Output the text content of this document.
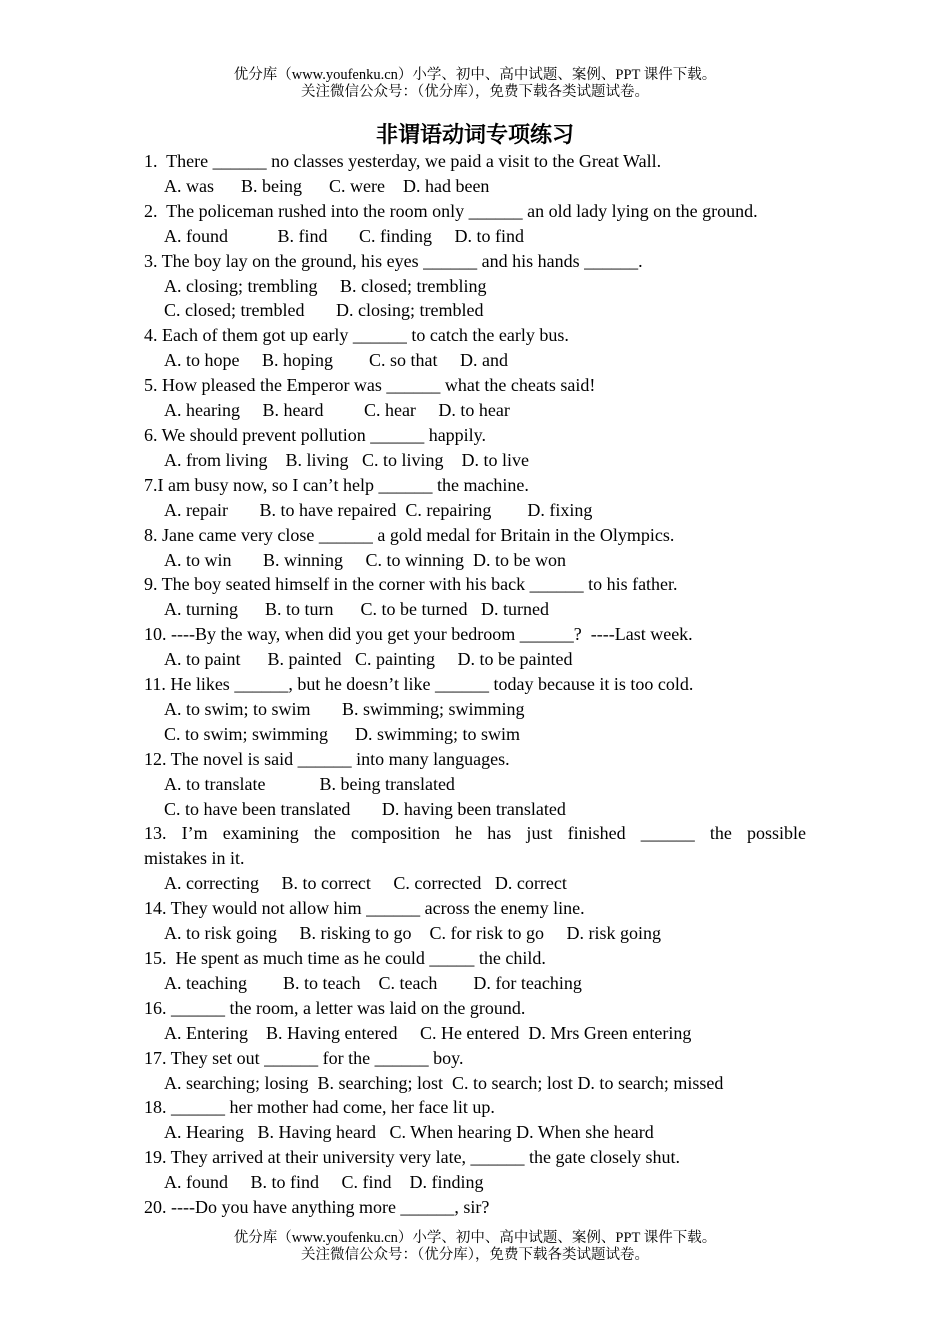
优分库（www.youfenku.cn）小学、初中、高中试题、案例、PPT 课件下载。
关注微信公众号：（优分库），免费下载各类试题试卷。
非谓语动词专项练习
1.  There ______ no classes yesterday, we paid a visit to the Great Wall.
A. was      B. being      C. were    D. had been
2.  The policeman rushed into the room only ______ an old lady lying on the ground.
A. found           B. find       C. finding     D. to find
3. The boy lay on the ground, his eyes ______ and his hands ______.
A. closing; trembling     B. closed; trembling
C. closed; trembled       D. closing; trembled
4. Each of them got up early ______ to catch the early bus.
A. to hope     B. hoping        C. so that     D. and
5. How pleased the Emperor was ______ what the cheats said!
A. hearing     B. heard         C. hear     D. to hear
6. We should prevent pollution ______ happily.
A. from living    B. living   C. to living    D. to live
7.I am busy now, so I can’t help ______ the machine.
A. repair       B. to have repaired  C. repairing        D. fixing
8. Jane came very close ______ a gold medal for Britain in the Olympics.
A. to win       B. winning     C. to winning  D. to be won
9. The boy seated himself in the corner with his back ______ to his father.
A. turning      B. to turn      C. to be turned   D. turned
10. ----By the way, when did you get your bedroom ______?  ----Last week.
A. to paint      B. painted   C. painting     D. to be painted
11. He likes ______, but he doesn’t like ______ today because it is too cold.
A. to swim; to swim       B. swimming; swimming
C. to swim; swimming      D. swimming; to swim
12. The novel is said ______ into many languages.
A. to translate            B. being translated
C. to have been translated       D. having been translated
13. I’m examining the composition he has just finished ______ the possible
mistakes in it.
A. correcting     B. to correct     C. corrected   D. correct
14. They would not allow him ______ across the enemy line.
A. to risk going     B. risking to go    C. for risk to go     D. risk going
15.  He spent as much time as he could _____ the child.
A. teaching        B. to teach    C. teach        D. for teaching
16. ______ the room, a letter was laid on the ground.
A. Entering    B. Having entered     C. He entered  D. Mrs Green entering
17. They set out ______ for the ______ boy.
A. searching; losing  B. searching; lost  C. to search; lost D. to search; missed
18. ______ her mother had come, her face lit up.
A. Hearing   B. Having heard   C. When hearing D. When she heard
19. They arrived at their university very late, ______ the gate closely shut.
A. found     B. to find     C. find    D. finding
20. ----Do you have anything more ______, sir?
优分库（www.youfenku.cn）小学、初中、高中试题、案例、PPT 课件下载。
关注微信公众号：（优分库），免费下载各类试题试卷。
